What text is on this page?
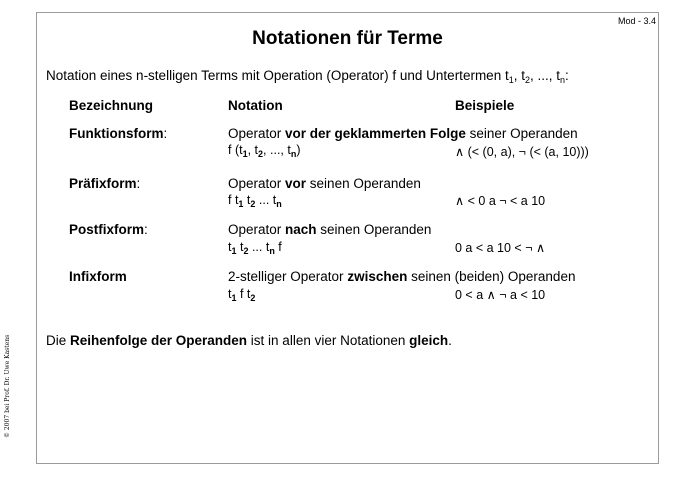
Mod - 3.4
Notationen für Terme
Notation eines n-stelligen Terms mit Operation (Operator) f und Untertermen $t_1$, $t_2$, ..., $t_n$:
Bezeichnung	Notation	Beispiele
Funktionsform:	Operator vor der geklammerten Folge seiner Operanden
f ($t_1$, $t_2$, ..., $t_n$)	∧ (< (0, a), ¬ (< (a, 10)))
Präfixform:	Operator vor seinen Operanden
f $t_1$ $t_2$ ... $t_n$	∧ < 0 a ¬ < a 10
Postfixform:	Operator nach seinen Operanden
$t_1$ $t_2$ ... $t_n$ f	0 a < a 10 < ¬ ∧
Infixform	2-stelliger Operator zwischen seinen (beiden) Operanden
$t_1$ f $t_2$	0 < a ∧ ¬ a < 10
Die Reihenfolge der Operanden ist in allen vier Notationen gleich.
© 2007 bei Prof. Dr. Uwe Kastens
